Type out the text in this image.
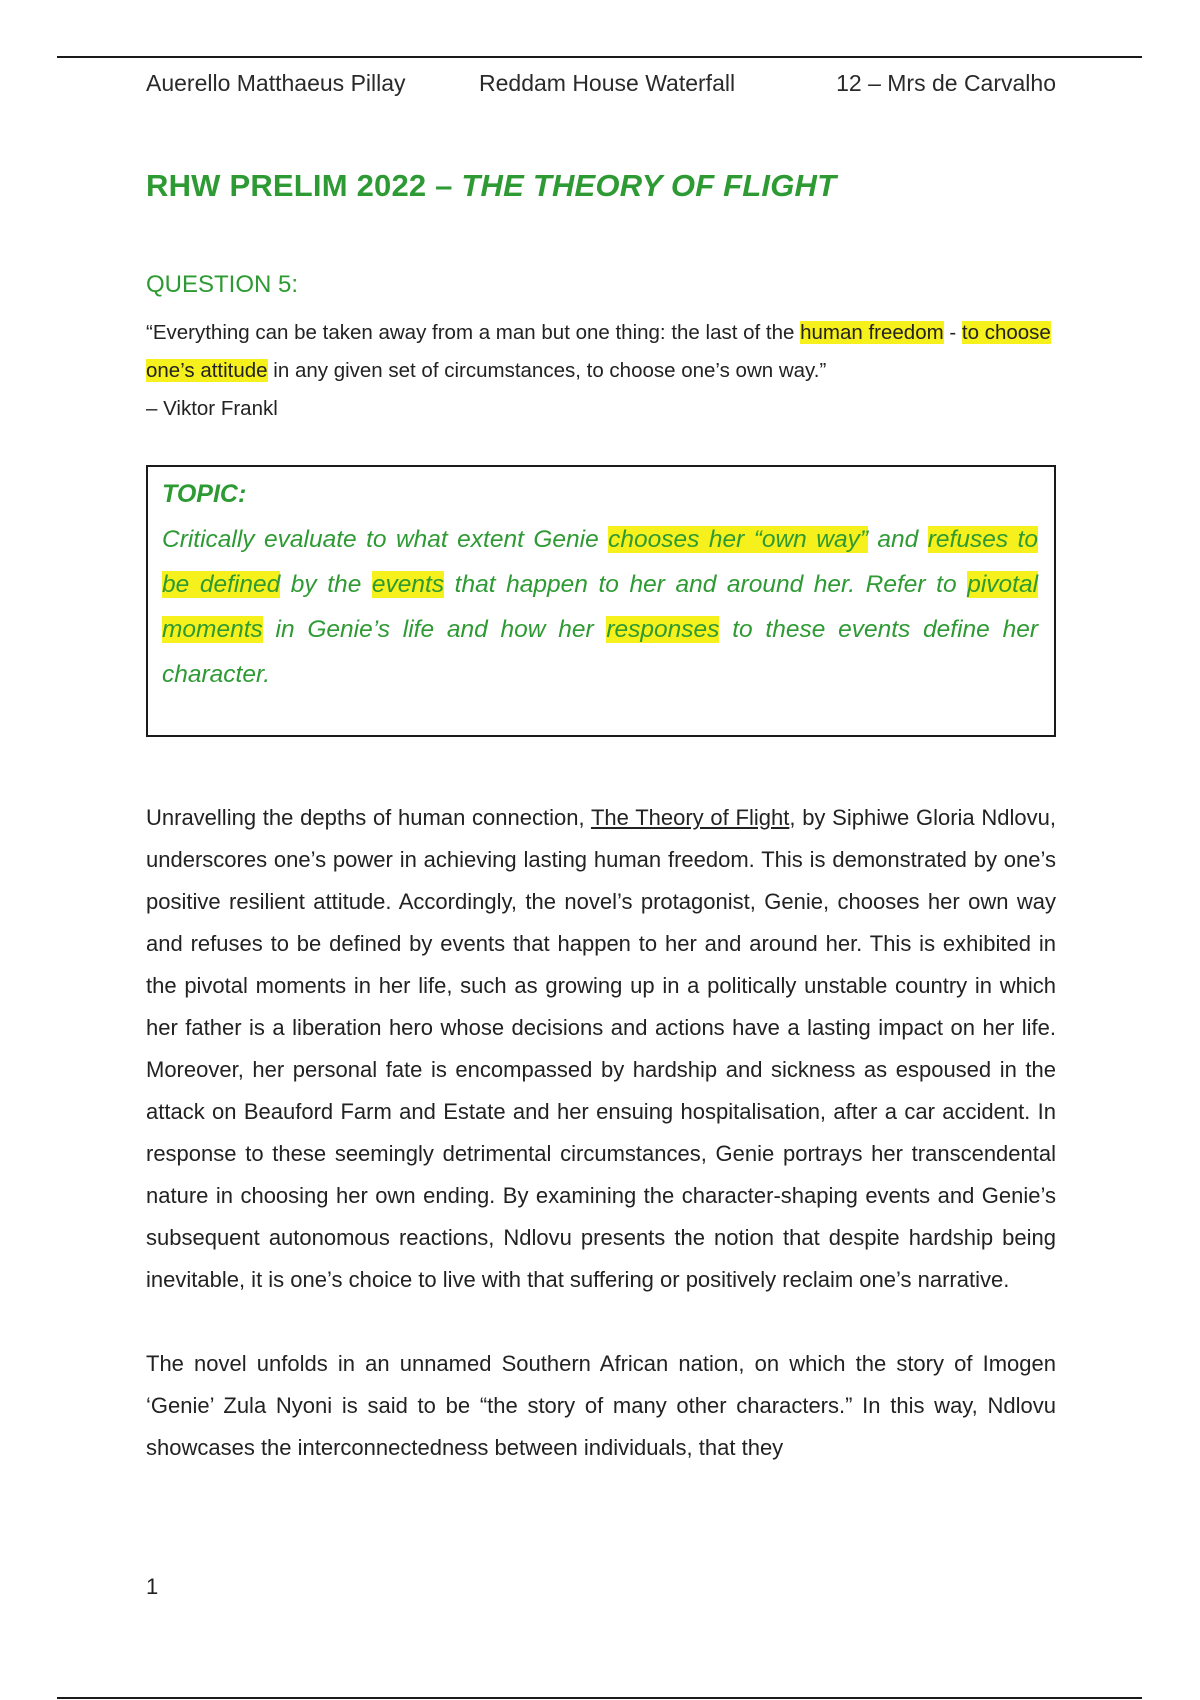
Auerello Matthaeus Pillay	Reddam House Waterfall	12 – Mrs de Carvalho
RHW PRELIM 2022 – THE THEORY OF FLIGHT
QUESTION 5:

“Everything can be taken away from a man but one thing: the last of the human freedom - to choose one’s attitude in any given set of circumstances, to choose one’s own way.”

– Viktor Frankl

TOPIC:

Critically evaluate to what extent Genie chooses her “own way” and refuses to be defined by the events that happen to her and around her. Refer to pivotal moments in Genie’s life and how her responses to these events define her character.

Unravelling the depths of human connection, The Theory of Flight, by Siphiwe Gloria Ndlovu, underscores one’s power in achieving lasting human freedom. This is demonstrated by one’s positive resilient attitude. Accordingly, the novel’s protagonist, Genie, chooses her own way and refuses to be defined by events that happen to her and around her. This is exhibited in the pivotal moments in her life, such as growing up in a politically unstable country in which her father is a liberation hero whose decisions and actions have a lasting impact on her life. Moreover, her personal fate is encompassed by hardship and sickness as espoused in the attack on Beauford Farm and Estate and her ensuing hospitalisation, after a car accident. In response to these seemingly detrimental circumstances, Genie portrays her transcendental nature in choosing her own ending. By examining the character-shaping events and Genie’s subsequent autonomous reactions, Ndlovu presents the notion that despite hardship being inevitable, it is one’s choice to live with that suffering or positively reclaim one’s narrative.

The novel unfolds in an unnamed Southern African nation, on which the story of Imogen ‘Genie’ Zula Nyoni is said to be “the story of many other characters.” In this way, Ndlovu showcases the interconnectedness between individuals, that they

1
